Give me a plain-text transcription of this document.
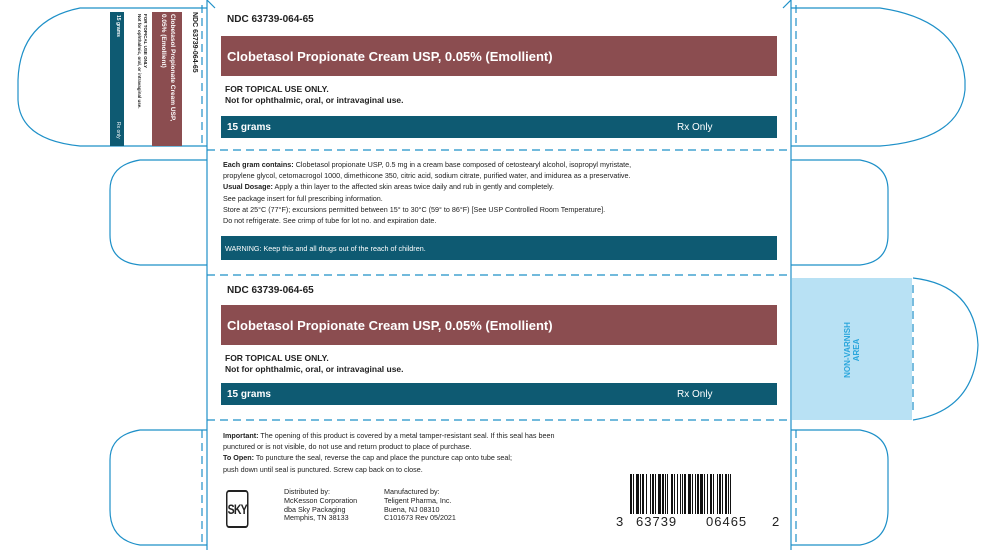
NDC 63739-064-65
Clobetasol Propionate Cream USP,
0.05% (Emollient)
FOR TOPICAL USE ONLY
Not for ophthalmic, oral, or intravaginal use.
15 grams
Rx only
NDC 63739-064-65
Clobetasol Propionate Cream USP, 0.05% (Emollient)
FOR TOPICAL USE ONLY.
Not for ophthalmic, oral, or intravaginal use.
15 grams	Rx Only
Each gram contains: Clobetasol propionate USP, 0.5 mg in a cream base composed of cetostearyl alcohol, isopropyl myristate,
propylene glycol, cetomacrogol 1000, dimethicone 350, citric acid, sodium citrate, purified water, and imidurea as a preservative.
Usual Dosage: Apply a thin layer to the affected skin areas twice daily and rub in gently and completely.
See package insert for full prescribing information.
Store at 25°C (77°F); excursions permitted between 15° to 30°C (59° to 86°F) [See USP Controlled Room Temperature].
Do not refrigerate. See crimp of tube for lot no. and expiration date.
WARNING: Keep this and all drugs out of the reach of children.
NDC 63739-064-65
Clobetasol Propionate Cream USP, 0.05% (Emollient)
FOR TOPICAL USE ONLY.
Not for ophthalmic, oral, or intravaginal use.
15 grams	Rx Only
NON-VARNISH AREA
Important: The opening of this product is covered by a metal tamper-resistant seal. If this seal has been
punctured or is not visible, do not use and return product to place of purchase.
To Open: To puncture the seal, reverse the cap and place the puncture cap onto tube seal;
push down until seal is punctured. Screw cap back on to close.
SKY
Distributed by:
McKesson Corporation
dba Sky Packaging
Memphis, TN 38133
Manufactured by:
Teligent Pharma, Inc.
Buena, NJ 08310
C101673 Rev 05/2021	3 63739 06465 2
